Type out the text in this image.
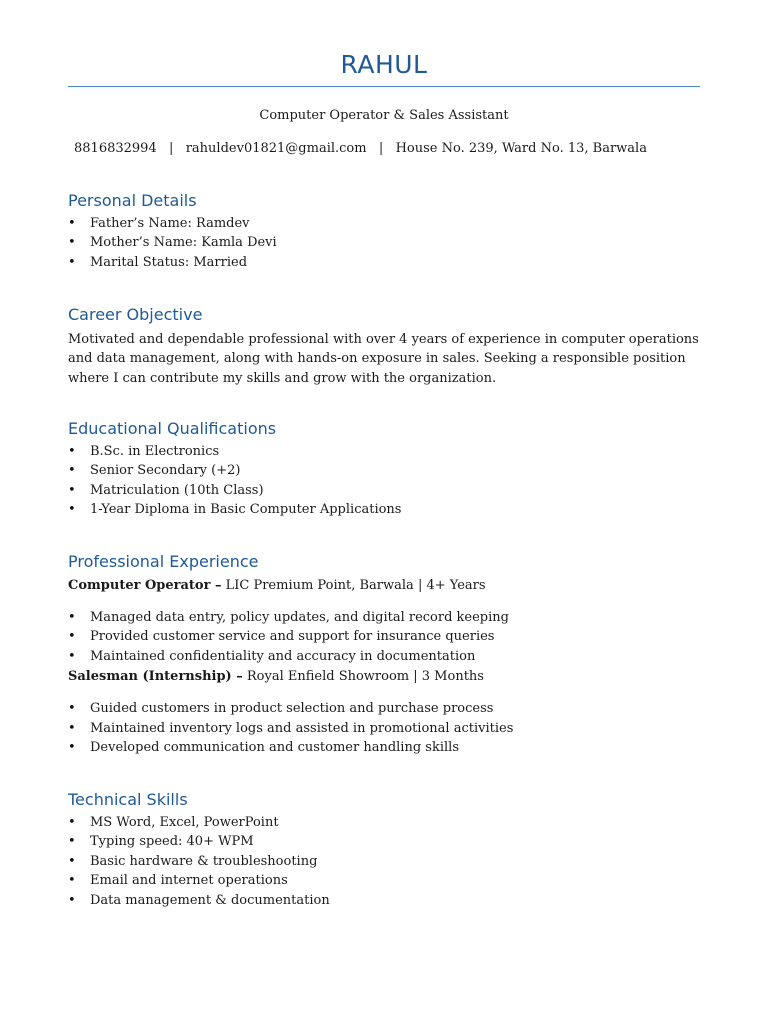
RAHUL
Computer Operator & Sales Assistant
8816832994 | rahuldev01821@gmail.com | House No. 239, Ward No. 13, Barwala
Personal Details
• Father’s Name: Ramdev
• Mother’s Name: Kamla Devi
• Marital Status: Married
Career Objective

Motivated and dependable professional with over 4 years of experience in computer operations and data management, along with hands-on exposure in sales. Seeking a responsible position where I can contribute my skills and grow with the organization.

Educational Qualifications
• B.Sc. in Electronics
• Senior Secondary (+2)
• Matriculation (10th Class)
• 1-Year Diploma in Basic Computer Applications
Professional Experience
Computer Operator – LIC Premium Point, Barwala | 4+ Years
• Managed data entry, policy updates, and digital record keeping
• Provided customer service and support for insurance queries
• Maintained confidentiality and accuracy in documentation
Salesman (Internship) – Royal Enfield Showroom | 3 Months
• Guided customers in product selection and purchase process
• Maintained inventory logs and assisted in promotional activities
• Developed communication and customer handling skills
Technical Skills
• MS Word, Excel, PowerPoint
• Typing speed: 40+ WPM
• Basic hardware & troubleshooting
• Email and internet operations
• Data management & documentation
